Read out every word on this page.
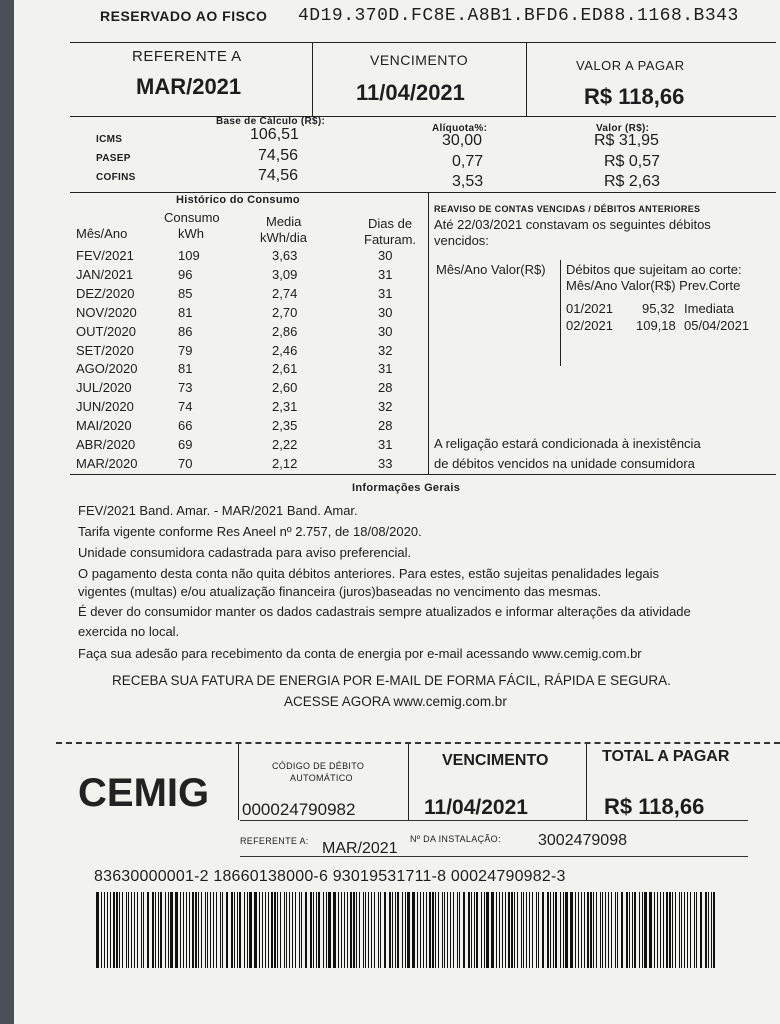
RESERVADO AO FISCO 4D19.370D.FC8E.A8B1.BFD6.ED88.1168.B343
REFERENTE A
MAR/2021
VENCIMENTO
11/04/2021
VALOR A PAGAR
R$ 118,66
Base de Cálculo (R$):
Alíquota%:	Valor (R$):
ICMS	106,51	30,00	R$ 31,95
PASEP	74,56	0,77	R$ 0,57
COFINS	74,56	3,53	R$ 2,63
Histórico do Consumo
Consumo
kWh
Media
kWh/dia
Dias de
Faturam.
Mês/Ano
FEV/2021	109	3,63	30
JAN/2021	96	3,09	31
DEZ/2020	85	2,74	31
NOV/2020	81	2,70	30
OUT/2020	86	2,86	30
SET/2020	79	2,46	32
AGO/2020	81	2,61	31
JUL/2020	73	2,60	28
JUN/2020	74	2,31	32
MAI/2020	66	2,35	28
ABR/2020	69	2,22	31
MAR/2020	70	2,12	33
REAVISO DE CONTAS VENCIDAS / DÉBITOS ANTERIORES
Até 22/03/2021 constavam os seguintes débitos
vencidos:
Mês/Ano Valor(R$) Débitos que sujeitam ao corte:
Mês/Ano Valor(R$) Prev.Corte
01/2021 95,32 Imediata
02/2021 109,18 05/04/2021
A religação estará condicionada à inexistência
de débitos vencidos na unidade consumidora
Informações Gerais
FEV/2021 Band. Amar. - MAR/2021 Band. Amar.
Tarifa vigente conforme Res Aneel nº 2.757, de 18/08/2020.
Unidade consumidora cadastrada para aviso preferencial.
O pagamento desta conta não quita débitos anteriores. Para estes, estão sujeitas penalidades legais
vigentes (multas) e/ou atualização financeira (juros)baseadas no vencimento das mesmas.
É dever do consumidor manter os dados cadastrais sempre atualizados e informar alterações da atividade
exercida no local.
Faça sua adesão para recebimento da conta de energia por e-mail acessando www.cemig.com.br
RECEBA SUA FATURA DE ENERGIA POR E-MAIL DE FORMA FÁCIL, RÁPIDA E SEGURA.
ACESSE AGORA www.cemig.com.br
CEMIG
CÓDIGO DE DÉBITO
AUTOMÁTICO
000024790982
VENCIMENTO
11/04/2021
TOTAL A PAGAR
R$ 118,66
REFERENTE A: MAR/2021
Nº DA INSTALAÇÃO: 3002479098
83630000001-2 18660138000-6 93019531711-8 00024790982-3
